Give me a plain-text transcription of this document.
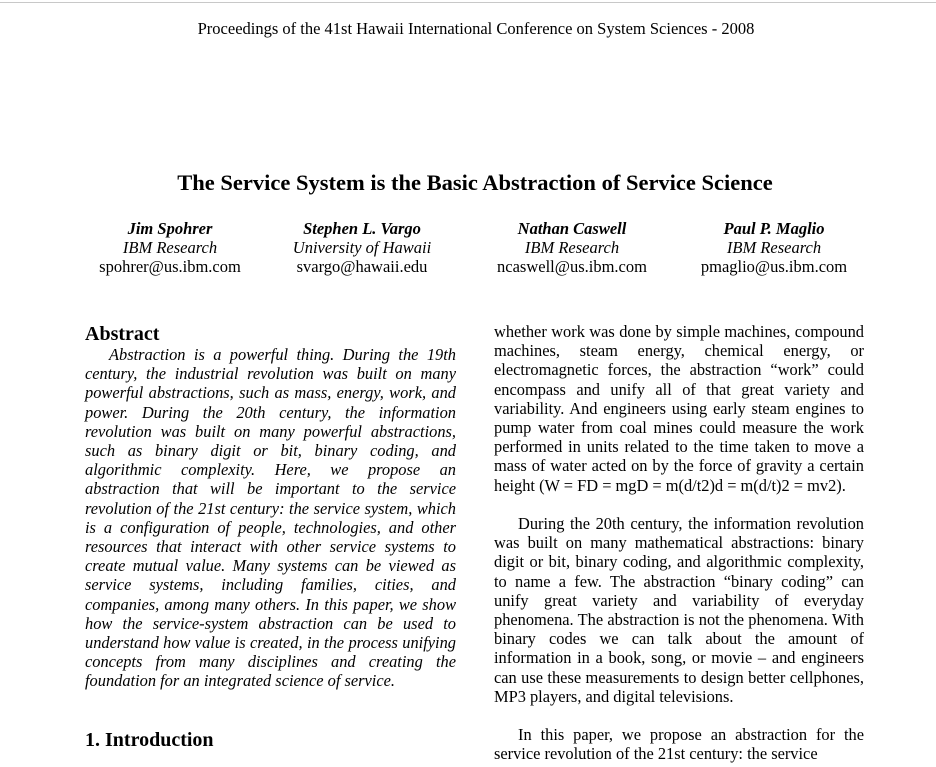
Proceedings of the 41st Hawaii International Conference on System Sciences - 2008
The Service System is the Basic Abstraction of Service Science
Jim Spohrer
IBM Research
spohrer@us.ibm.com
Stephen L. Vargo
University of Hawaii
svargo@hawaii.edu
Nathan Caswell
IBM Research
ncaswell@us.ibm.com
Paul P. Maglio
IBM Research
pmaglio@us.ibm.com
Abstract

Abstraction is a powerful thing. During the 19th century, the industrial revolution was built on many powerful abstractions, such as mass, energy, work, and power. During the 20th century, the information revolution was built on many powerful abstractions, such as binary digit or bit, binary coding, and algorithmic complexity. Here, we propose an abstraction that will be important to the service revolution of the 21st century: the service system, which is a configuration of people, technologies, and other resources that interact with other service systems to create mutual value. Many systems can be viewed as service systems, including families, cities, and companies, among many others. In this paper, we show how the service-system abstraction can be used to understand how value is created, in the process unifying concepts from many disciplines and creating the foundation for an integrated science of service.

1. Introduction

whether work was done by simple machines, compound machines, steam energy, chemical energy, or electromagnetic forces, the abstraction “work” could encompass and unify all of that great variety and variability. And engineers using early steam engines to pump water from coal mines could measure the work performed in units related to the time taken to move a mass of water acted on by the force of gravity a certain height (W = FD = mgD = m(d/t2)d = m(d/t)2 = mv2).

During the 20th century, the information revolution was built on many mathematical abstractions: binary digit or bit, binary coding, and algorithmic complexity, to name a few. The abstraction “binary coding” can unify great variety and variability of everyday phenomena. The abstraction is not the phenomena. With binary codes we can talk about the amount of information in a book, song, or movie – and engineers can use these measurements to design better cellphones, MP3 players, and digital televisions.

In this paper, we propose an abstraction for the service revolution of the 21st century: the service
